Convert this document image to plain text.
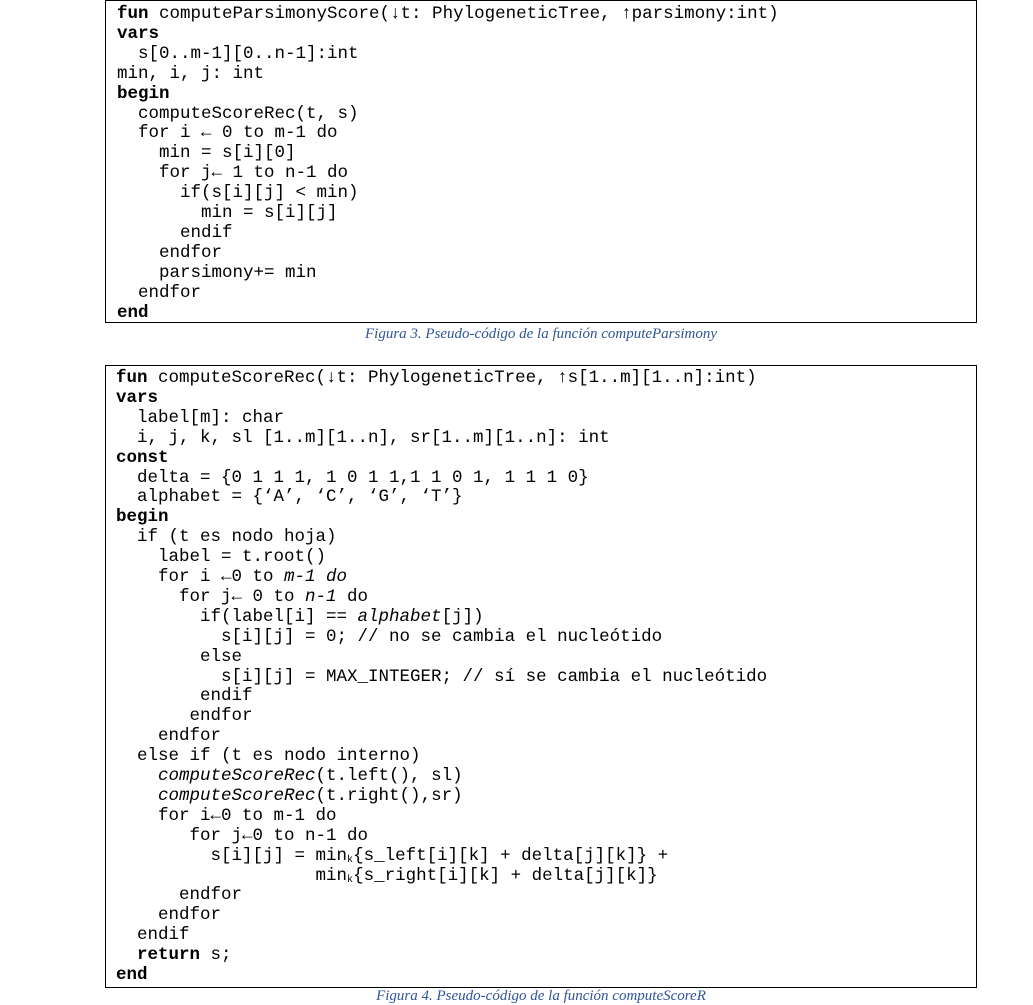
fun computeParsimonyScore(↓t: PhylogeneticTree, ↑parsimony:int)
vars
s[0..m-1][0..n-1]:int
min, i, j: int
begin
computeScoreRec(t, s)
for i ← 0 to m-1 do
min = s[i][0]
for j← 1 to n-1 do
if(s[i][j] < min)
min = s[i][j]
endif
endfor
parsimony+= min
endfor
end
Figura 3. Pseudo-código de la función computeParsimony
fun computeScoreRec(↓t: PhylogeneticTree, ↑s[1..m][1..n]:int)
vars
label[m]: char
i, j, k, sl [1..m][1..n], sr[1..m][1..n]: int
const
delta = {0 1 1 1, 1 0 1 1,1 1 0 1, 1 1 1 0}
alphabet = {‘A’, ‘C’, ‘G’, ‘T’}
begin
if (t es nodo hoja)
label = t.root()
for i ←0 to m-1 do
for j← 0 to n-1 do
if(label[i] == alphabet[j])
s[i][j] = 0; // no se cambia el nucleótido
else
s[i][j] = MAX_INTEGER; // sí se cambia el nucleótido
endif
endfor
endfor
else if (t es nodo interno)
computeScoreRec(t.left(), sl)
computeScoreRec(t.right(),sr)
for i←0 to m-1 do
for j←0 to n-1 do
$s[i][j] = \min_k\{s\_left[i][k]$ + delta[j][k]} +
$\min_k\{s\_right[i][k]$ + delta[j][k]}
endfor
endfor
endif
return s;
end
Figura 4. Pseudo-código de la función computeScoreR
